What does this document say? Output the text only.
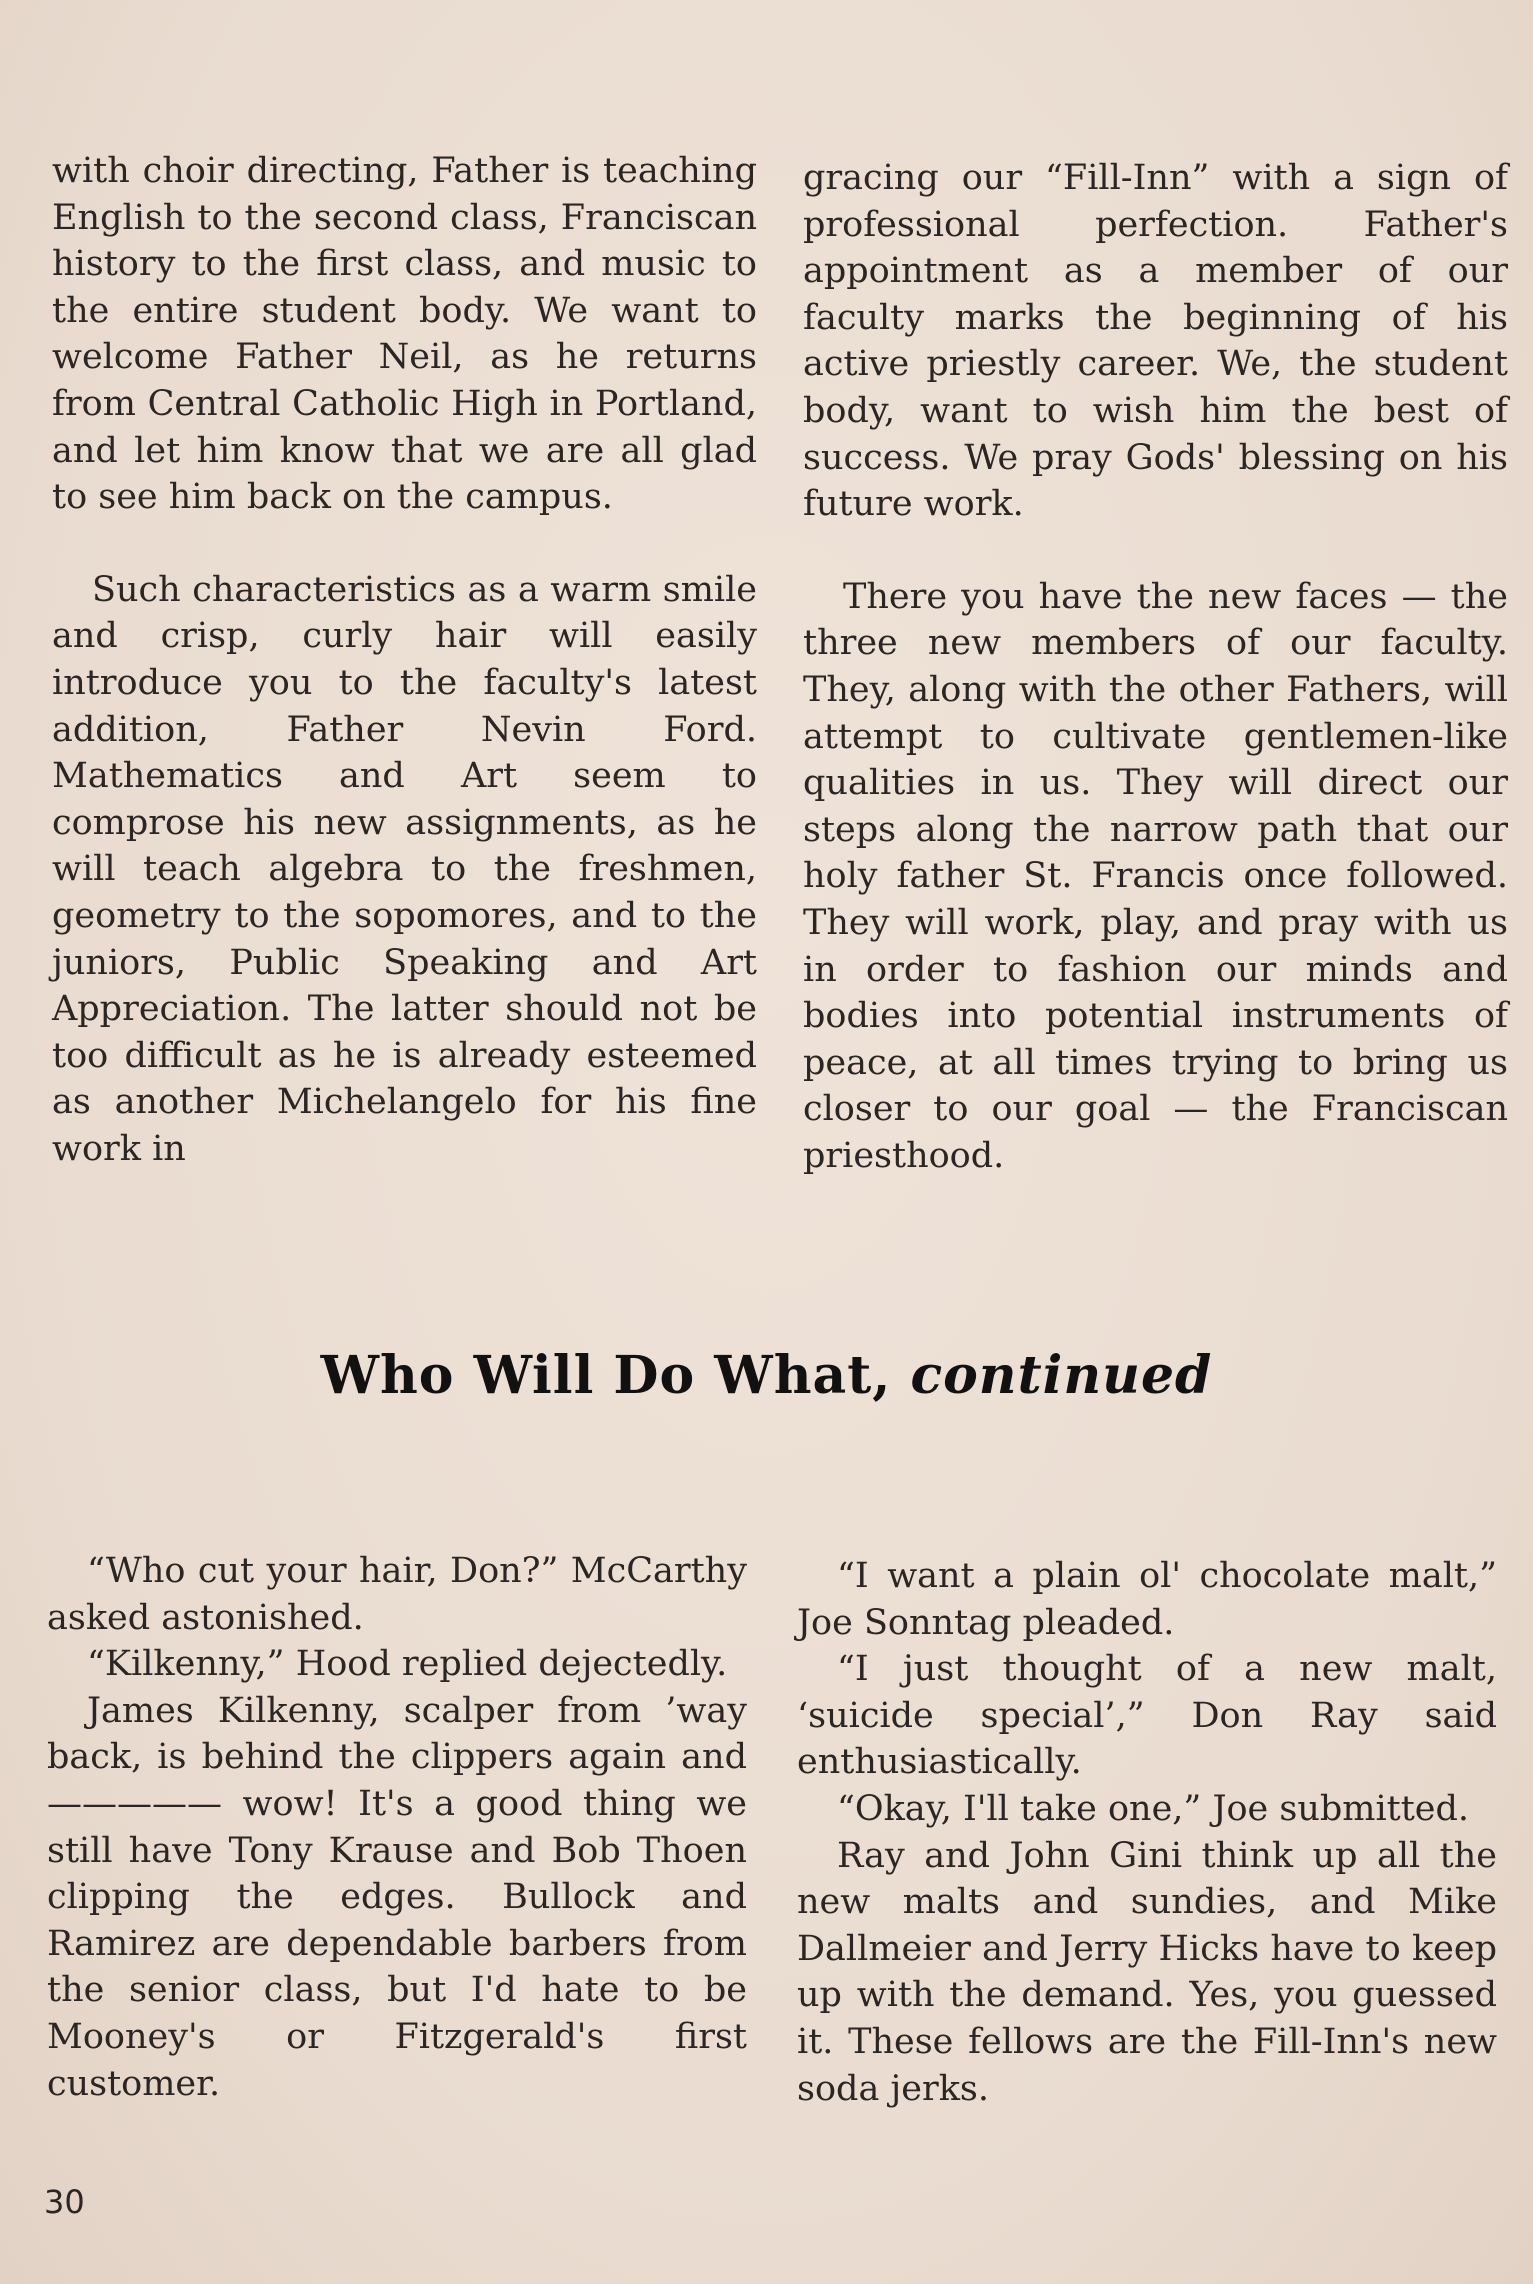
with choir directing, Father is teaching English to the second class, Franciscan history to the first class, and music to the entire student body. We want to welcome Father Neil, as he returns from Central Catholic High in Portland, and let him know that we are all glad to see him back on the campus.

Such characteristics as a warm smile and crisp, curly hair will easily introduce you to the faculty's latest addition, Father Nevin Ford. Mathematics and Art seem to comprose his new assignments, as he will teach algebra to the freshmen, geometry to the sopomores, and to the juniors, Public Speaking and Art Appreciation. The latter should not be too difficult as he is already esteemed as another Michelangelo for his fine work in

gracing our “Fill-Inn” with a sign of professional perfection. Father's appointment as a member of our faculty marks the beginning of his active priestly career. We, the student body, want to wish him the best of success. We pray Gods' blessing on his future work.

There you have the new faces — the three new members of our faculty. They, along with the other Fathers, will attempt to cultivate gentlemen-like qualities in us. They will direct our steps along the narrow path that our holy father St. Francis once followed. They will work, play, and pray with us in order to fashion our minds and bodies into potential instruments of peace, at all times trying to bring us closer to our goal — the Franciscan priesthood.

Who Will Do What, continued

“Who cut your hair, Don?” McCarthy asked astonished.

“Kilkenny,” Hood replied dejectedly.

James Kilkenny, scalper from ’way back, is behind the clippers again and ————— wow! It's a good thing we still have Tony Krause and Bob Thoen clipping the edges. Bullock and Ramirez are dependable barbers from the senior class, but I'd hate to be Mooney's or Fitzgerald's first customer.

“I want a plain ol' chocolate malt,” Joe Sonntag pleaded.

“I just thought of a new malt, ‘suicide special’,” Don Ray said enthusiastically.

“Okay, I'll take one,” Joe submitted.

Ray and John Gini think up all the new malts and sundies, and Mike Dallmeier and Jerry Hicks have to keep up with the demand. Yes, you guessed it. These fellows are the Fill-Inn's new soda jerks.

30
